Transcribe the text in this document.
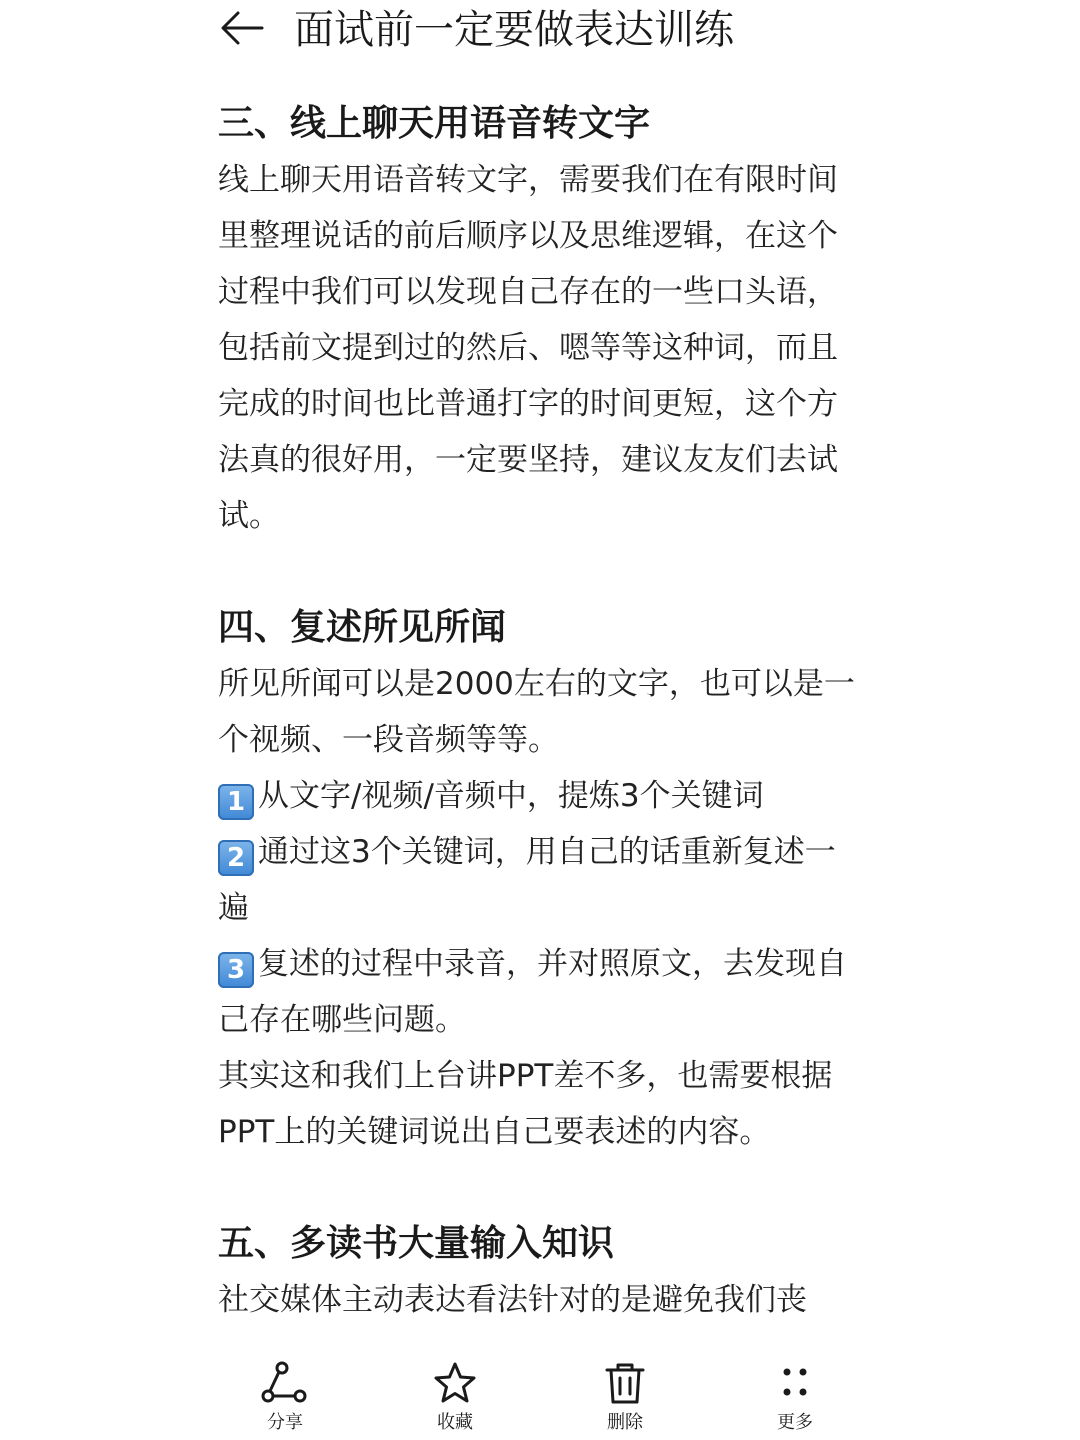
面试前一定要做表达训练
三、线上聊天用语音转文字

线上聊天用语音转文字，需要我们在有限时间里整理说话的前后顺序以及思维逻辑，在这个过程中我们可以发现自己存在的一些口头语，包括前文提到过的然后、嗯等等这种词，而且完成的时间也比普通打字的时间更短，这个方法真的很好用，一定要坚持，建议友友们去试试。

四、复述所见所闻

所见所闻可以是2000左右的文字，也可以是一个视频、一段音频等等。

1 从文字/视频/音频中，提炼3个关键词

2 通过这3个关键词，用自己的话重新复述一遍

3 复述的过程中录音，并对照原文，去发现自己存在哪些问题。

其实这和我们上台讲PPT差不多，也需要根据PPT上的关键词说出自己要表述的内容。

五、多读书大量输入知识

社交媒体主动表达看法针对的是避免我们丧

分享	收藏	删除	更多
